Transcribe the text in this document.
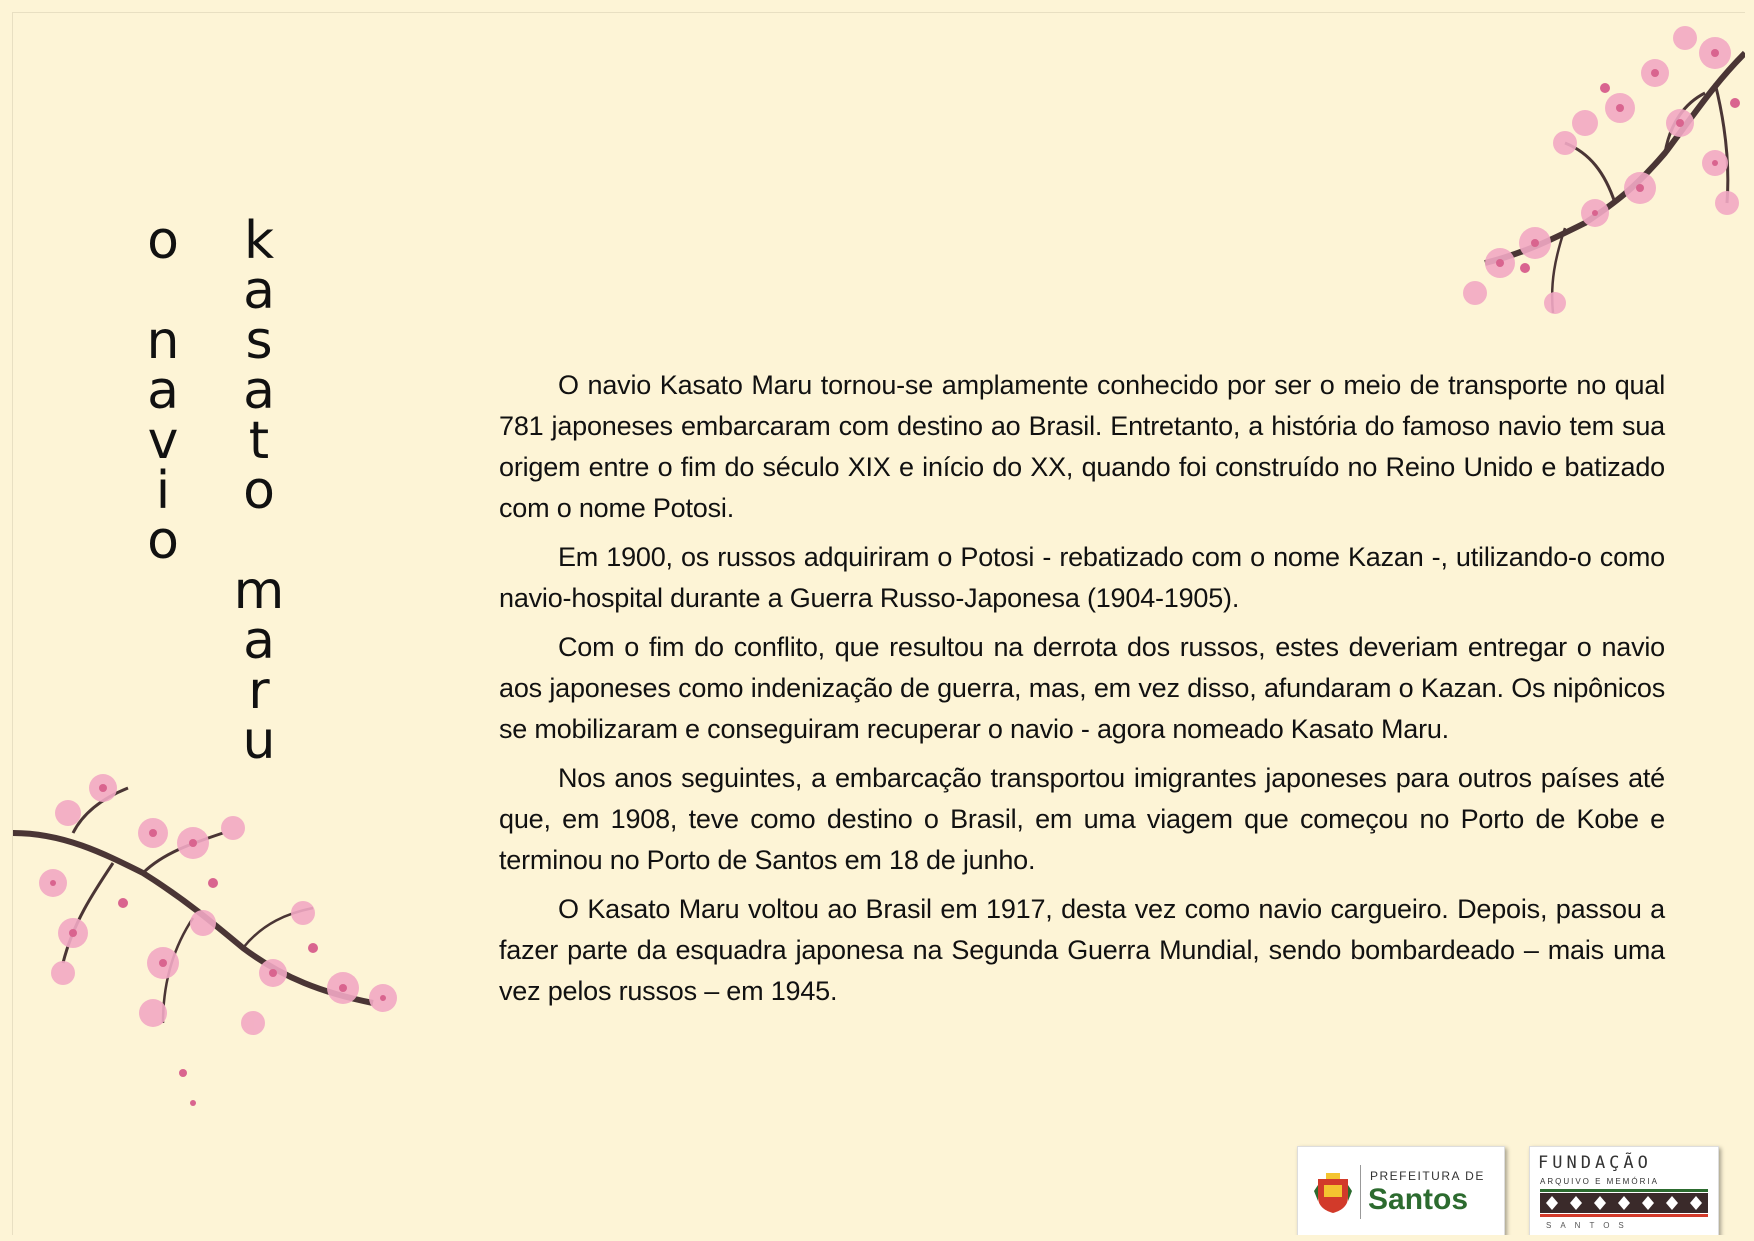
o
n
a
v
i
o
k
a
s
a
t
o
m
a
r
u

O navio Kasato Maru tornou-se amplamente conhecido por ser o meio de transporte no qual 781 japoneses embarcaram com destino ao Brasil. Entretanto, a história do famoso navio tem sua origem entre o fim do século XIX e início do XX, quando foi construído no Reino Unido e batizado com o nome Potosi.

Em 1900, os russos adquiriram o Potosi - rebatizado com o nome Kazan -, utilizando-o como navio-hospital durante a Guerra Russo-Japonesa (1904-1905).

Com o fim do conflito, que resultou na derrota dos russos, estes deveriam entregar o navio aos japoneses como indenização de guerra, mas, em vez disso, afundaram o Kazan. Os nipônicos se mobilizaram e conseguiram recuperar o navio - agora nomeado Kasato Maru.

Nos anos seguintes, a embarcação transportou imigrantes japoneses para outros países até que, em 1908, teve como destino o Brasil, em uma viagem que começou no Porto de Kobe e terminou no Porto de Santos em 18 de junho.

O Kasato Maru voltou ao Brasil em 1917, desta vez como navio cargueiro. Depois, passou a fazer parte da esquadra japonesa na Segunda Guerra Mundial, sendo bombardeado – mais uma vez pelos russos – em 1945.

PREFEITURA DE
Santos
FUNDAÇÃO
ARQUIVO E MEMÓRIA
SANTOS
